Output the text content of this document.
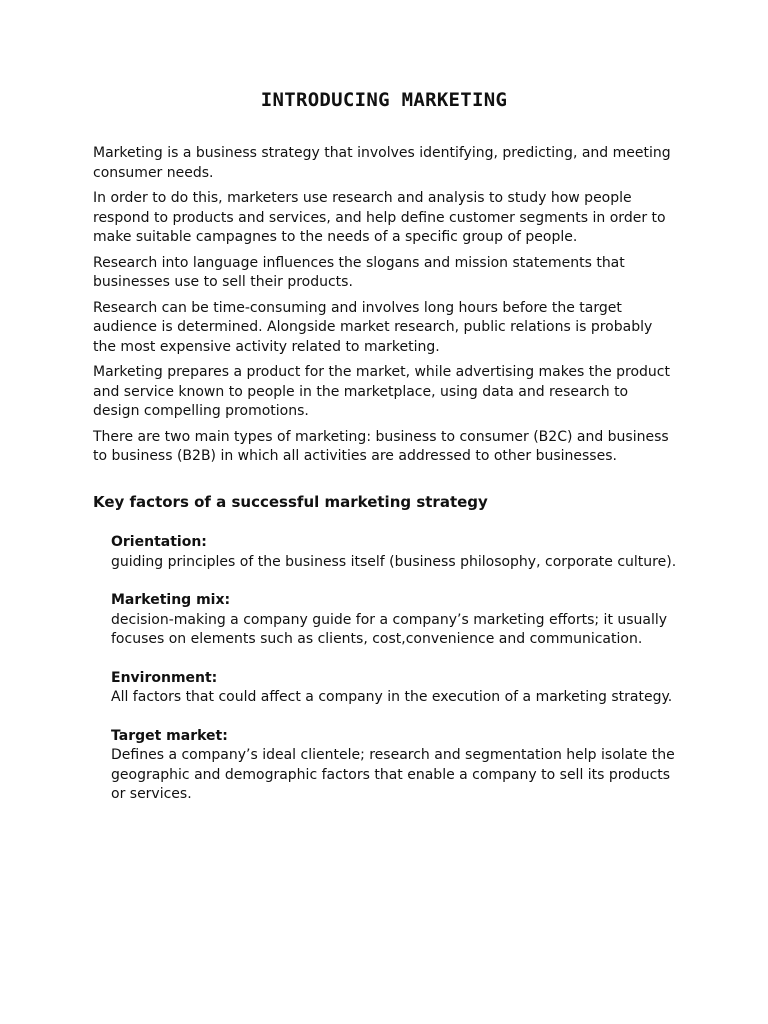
INTRODUCING MARKETING

Marketing is a business strategy that involves identifying, predicting, and meeting consumer needs.

In order to do this, marketers use research and analysis to study how people respond to products and services, and help define customer segments in order to make suitable campagnes to the needs of a specific group of people.

Research into language influences the slogans and mission statements that businesses use to sell their products.

Research can be time-consuming and involves long hours before the target audience is determined. Alongside market research, public relations is probably the most expensive activity related to marketing.

Marketing prepares a product for the market, while advertising makes the product and service known to people in the marketplace, using data and research to design compelling promotions.

There are two main types of marketing: business to consumer (B2C) and business to business (B2B) in which all activities are addressed to other businesses.

Key factors of a successful marketing strategy
Orientation:
guiding principles of the business itself (business philosophy, corporate culture).
Marketing mix:
decision-making a company guide for a company’s marketing efforts; it usually focuses on elements such as clients, cost,convenience and communication.
Environment:
All factors that could affect a company in the execution of a marketing strategy.
Target market:
Defines a company’s ideal clientele; research and segmentation help isolate the geographic and demographic factors that enable a company to sell its products or services.
